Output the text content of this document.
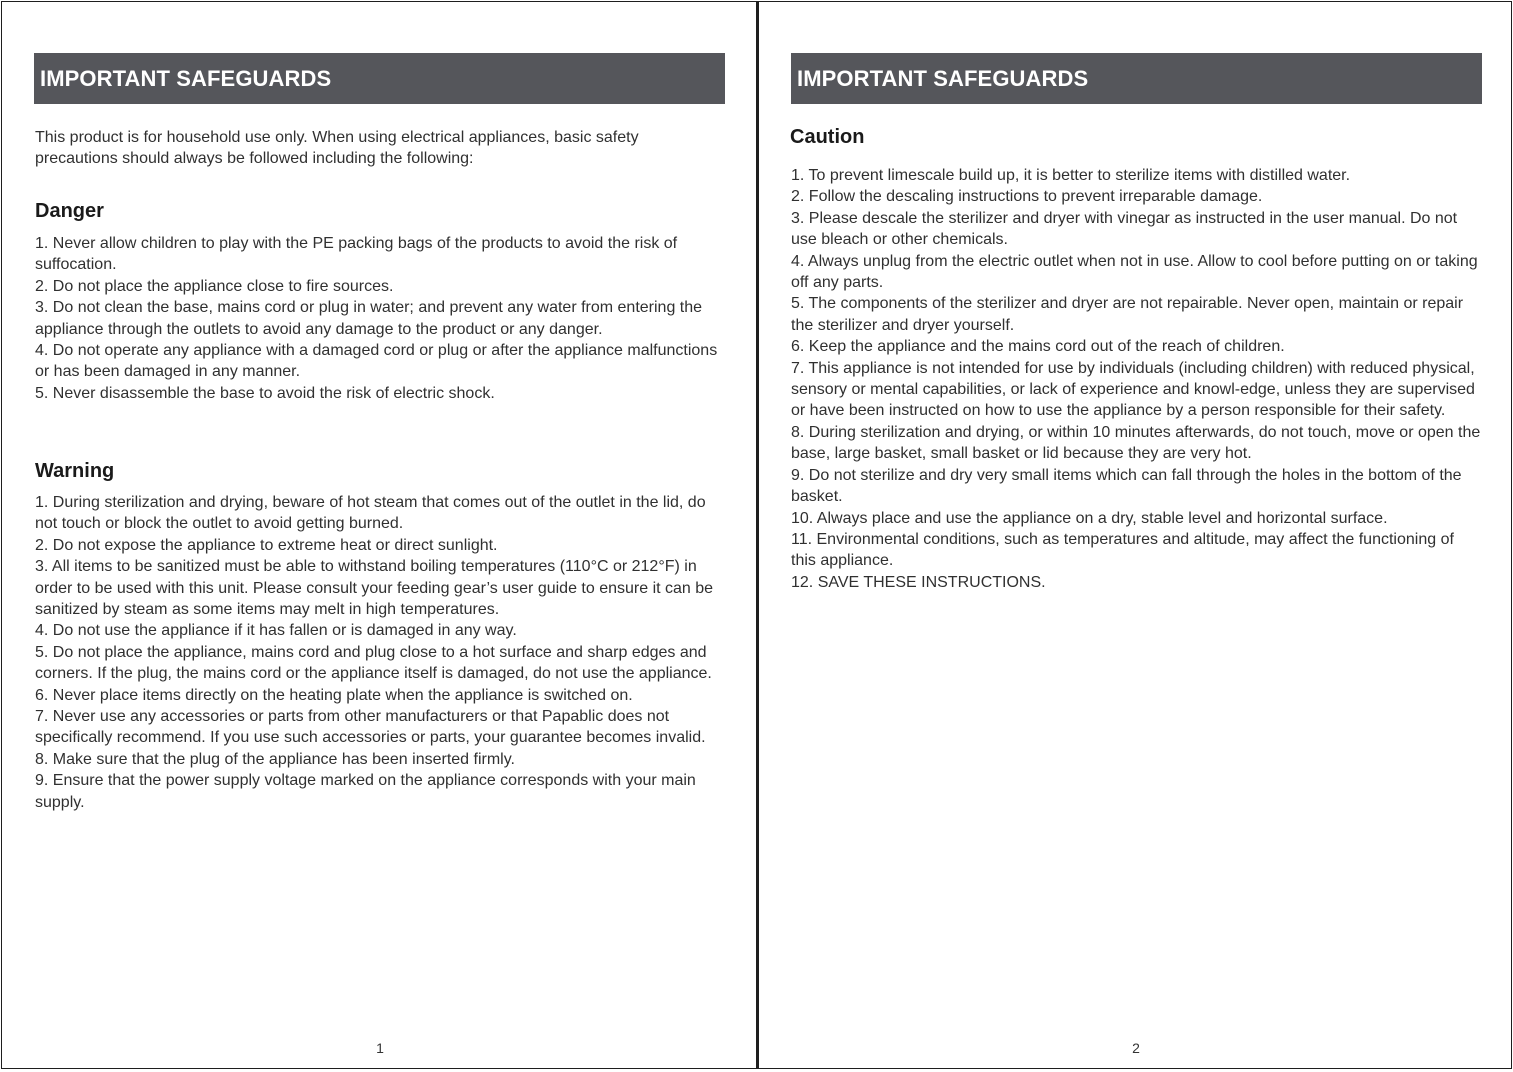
IMPORTANT SAFEGUARDS
This product is for household use only. When using electrical appliances, basic safety precautions should always be followed including the following:
Danger

1. Never allow children to play with the PE packing bags of the products to avoid the risk of suffocation.

2. Do not place the appliance close to fire sources.

3. Do not clean the base, mains cord or plug in water; and prevent any water from entering the appliance through the outlets to avoid any damage to the product or any danger.

4. Do not operate any appliance with a damaged cord or plug or after the appliance malfunctions or has been damaged in any manner.

5. Never disassemble the base to avoid the risk of electric shock.

Warning

1. During sterilization and drying, beware of hot steam that comes out of the outlet in the lid, do not touch or block the outlet to avoid getting burned.

2. Do not expose the appliance to extreme heat or direct sunlight.

3. All items to be sanitized must be able to withstand boiling temperatures (110°C or 212°F) in order to be used with this unit. Please consult your feeding gear’s user guide to ensure it can be sanitized by steam as some items may melt in high temperatures.

4. Do not use the appliance if it has fallen or is damaged in any way.

5. Do not place the appliance, mains cord and plug close to a hot surface and sharp edges and corners. If the plug, the mains cord or the appliance itself is damaged, do not use the appliance.

6. Never place items directly on the heating plate when the appliance is switched on.

7. Never use any accessories or parts from other manufacturers or that Papablic does not specifically recommend. If you use such accessories or parts, your guarantee becomes invalid.

8. Make sure that the plug of the appliance has been inserted firmly.

9. Ensure that the power supply voltage marked on the appliance corresponds with your main supply.

1
IMPORTANT SAFEGUARDS
Caution

1. To prevent limescale build up, it is better to sterilize items with distilled water.

2. Follow the descaling instructions to prevent irreparable damage.

3. Please descale the sterilizer and dryer with vinegar as instructed in the user manual. Do not use bleach or other chemicals.

4. Always unplug from the electric outlet when not in use. Allow to cool before putting on or taking off any parts.

5. The components of the sterilizer and dryer are not repairable. Never open, maintain or repair the sterilizer and dryer yourself.

6. Keep the appliance and the mains cord out of the reach of children.

7. This appliance is not intended for use by individuals (including children) with reduced physical, sensory or mental capabilities, or lack of experience and knowl-edge, unless they are supervised or have been instructed on how to use the appliance by a person responsible for their safety.

8. During sterilization and drying, or within 10 minutes afterwards, do not touch, move or open the base, large basket, small basket or lid because they are very hot.

9. Do not sterilize and dry very small items which can fall through the holes in the bottom of the basket.

10. Always place and use the appliance on a dry, stable level and horizontal surface.

11. Environmental conditions, such as temperatures and altitude, may affect the functioning of this appliance.

12. SAVE THESE INSTRUCTIONS.

2
